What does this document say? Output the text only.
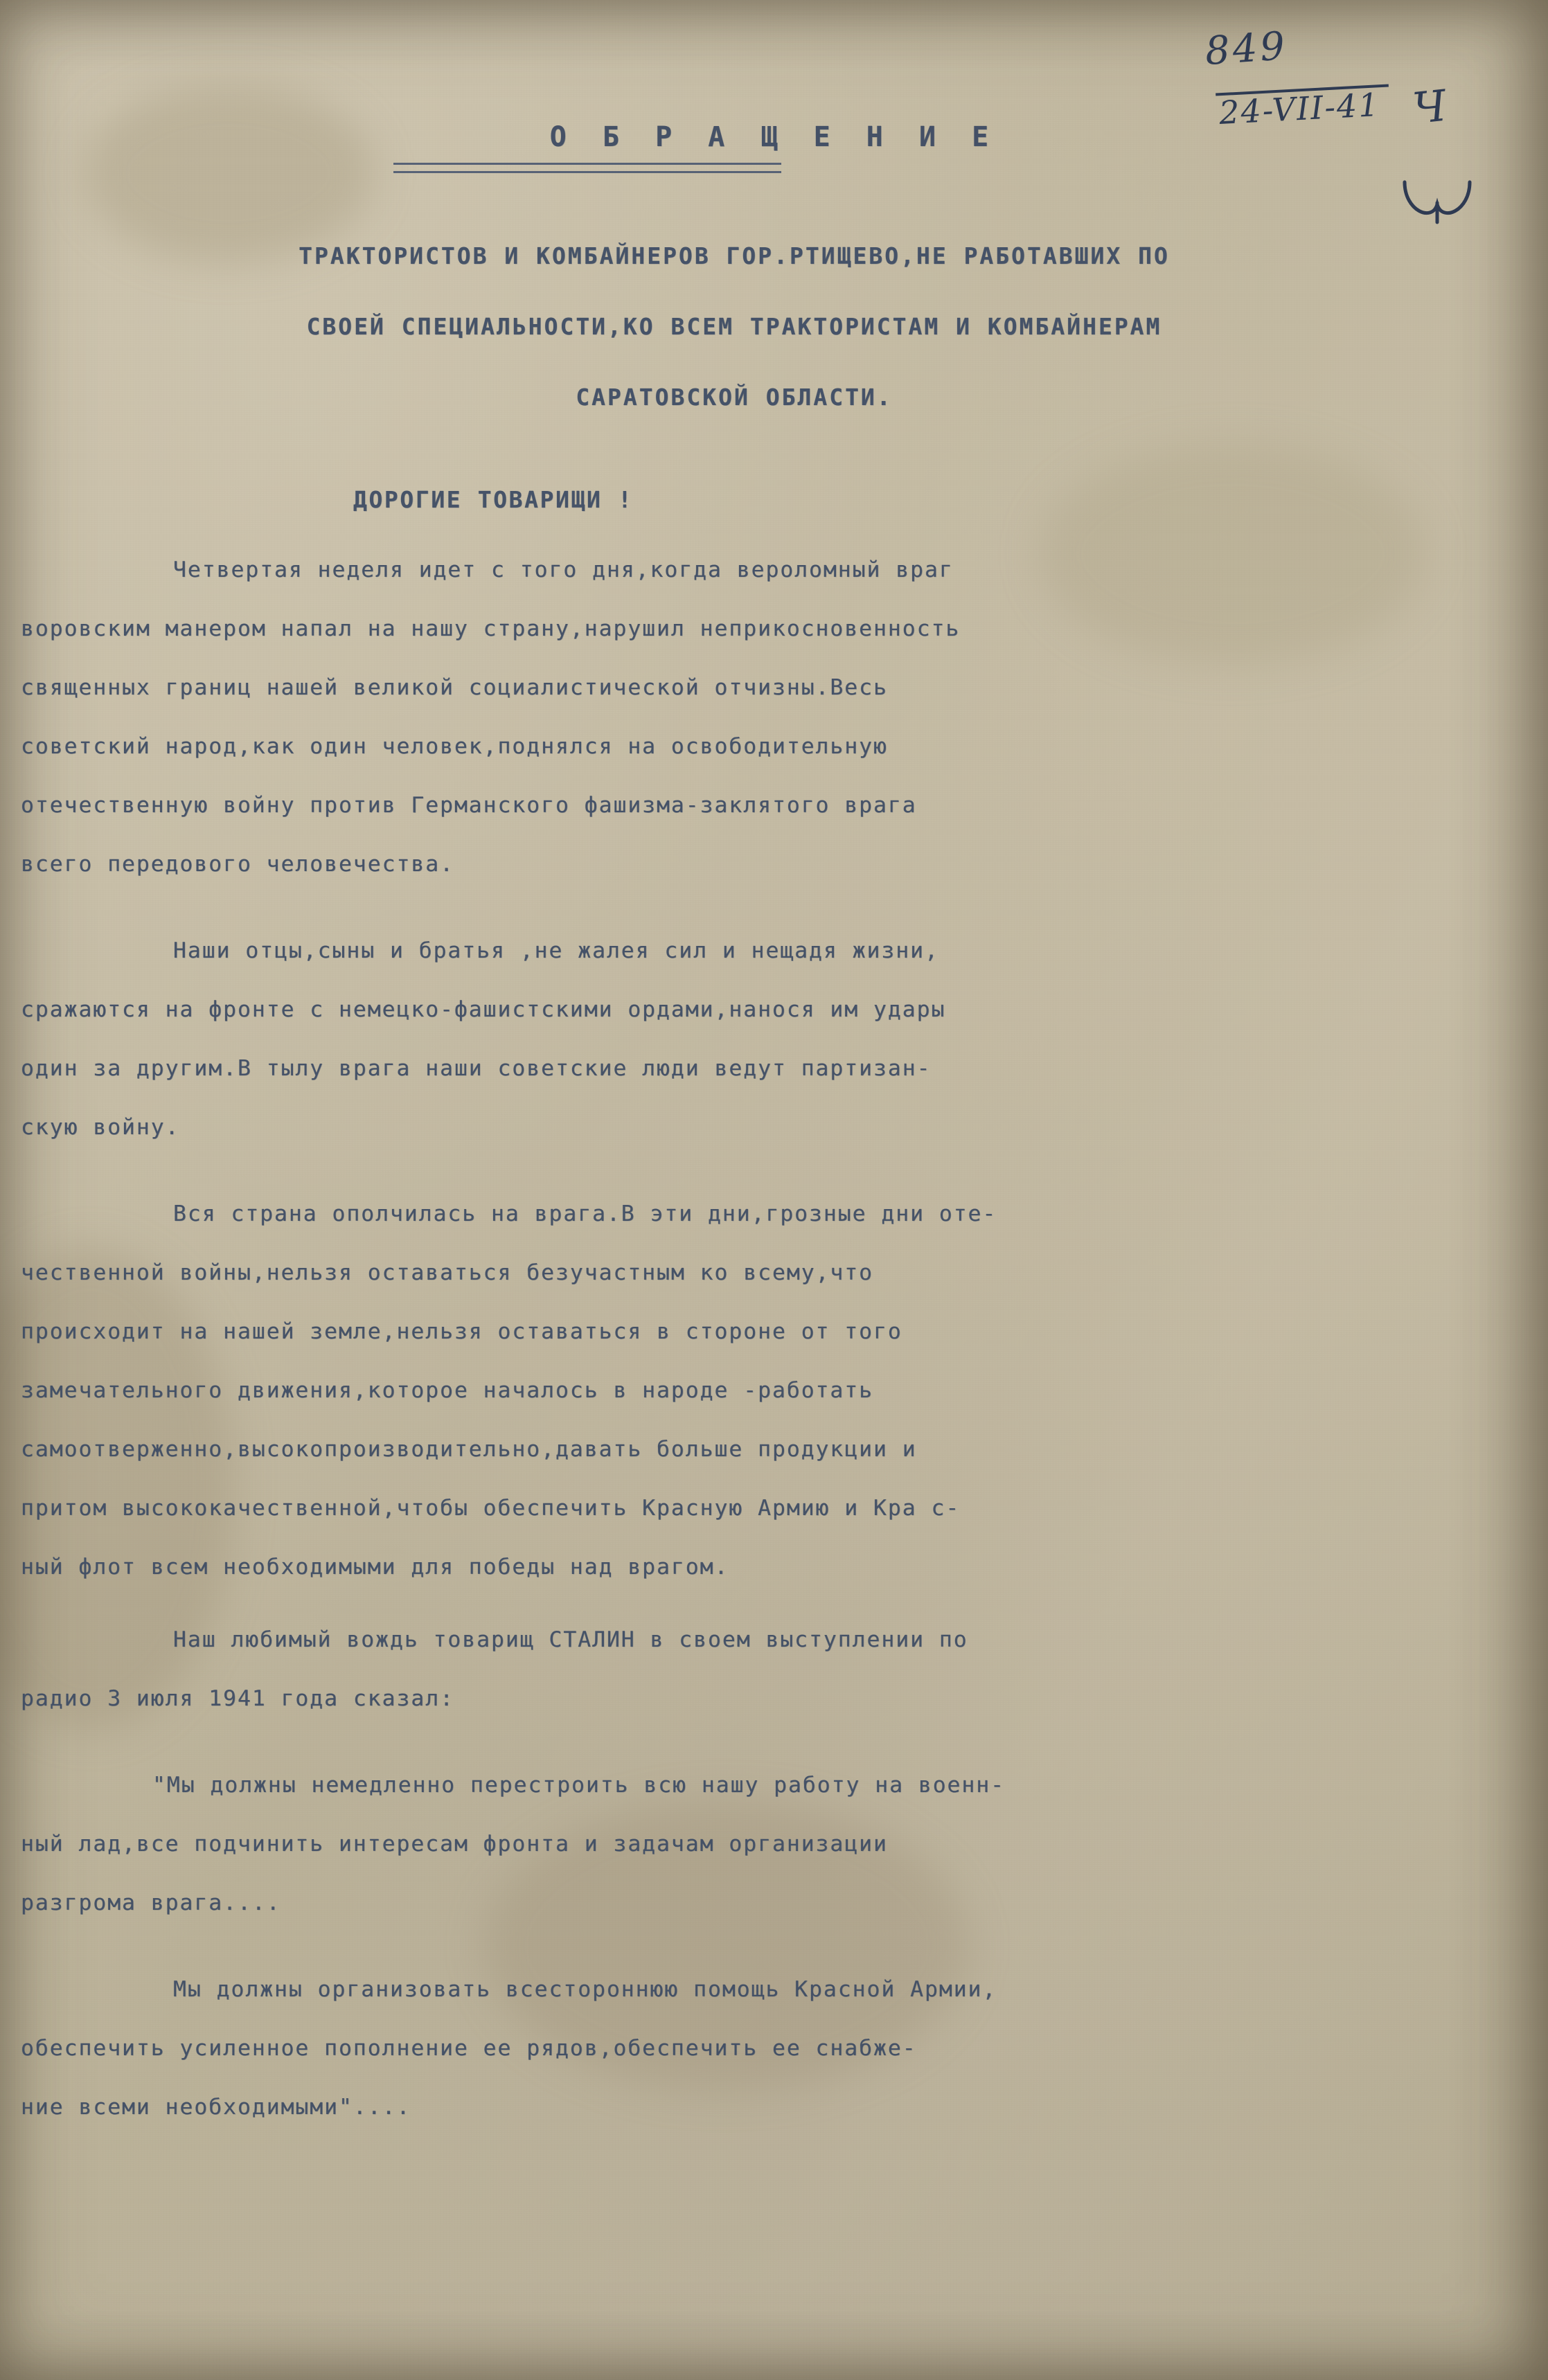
849
24-VII-41 Ч
О Б Р А Щ Е Н И Е
ТРАКТОРИСТОВ И КОМБАЙНЕРОВ ГОР.РТИЩЕВО,НЕ РАБОТАВШИХ ПО
СВОЕЙ СПЕЦИАЛЬНОСТИ,КО ВСЕМ ТРАКТОРИСТАМ И КОМБАЙНЕРАМ
САРАТОВСКОЙ ОБЛАСТИ.
ДОРОГИЕ ТОВАРИЩИ !
Четвертая неделя идет с того дня,когда вероломный враг
воровским манером напал на нашу страну,нарушил неприкосновенность
священных границ нашей великой социалистической отчизны.Весь
советский народ,как один человек,поднялся на освободительную
отечественную войну против Германского фашизма-заклятого врага
всего передового человечества.
Наши отцы,сыны и братья ,не жалея сил и нещадя жизни,
сражаются на фронте с немецко-фашистскими ордами,нанося им удары
один за другим.В тылу врага наши советские люди ведут партизан-
скую войну.
Вся страна ополчилась на врага.В эти дни,грозные дни оте-
чественной войны,нельзя оставаться безучастным ко всему,что
происходит на нашей земле,нельзя оставаться в стороне от того
замечательного движения,которое началось в народе -работать
самоотверженно,высокопроизводительно,давать больше продукции и
притом высококачественной,чтобы обеспечить Красную Армию и Кра с-
ный флот всем необходимыми для победы над врагом.
Наш любимый вождь товарищ СТАЛИН в своем выступлении по
радио 3 июля 1941 года сказал:
"Мы должны немедленно перестроить всю нашу работу на военн-
ный лад,все подчинить интересам фронта и задачам организации
разгрома врага....
Мы должны организовать всестороннюю помощь Красной Армии,
обеспечить усиленное пополнение ее рядов,обеспечить ее снабже-
ние всеми необходимыми"....
